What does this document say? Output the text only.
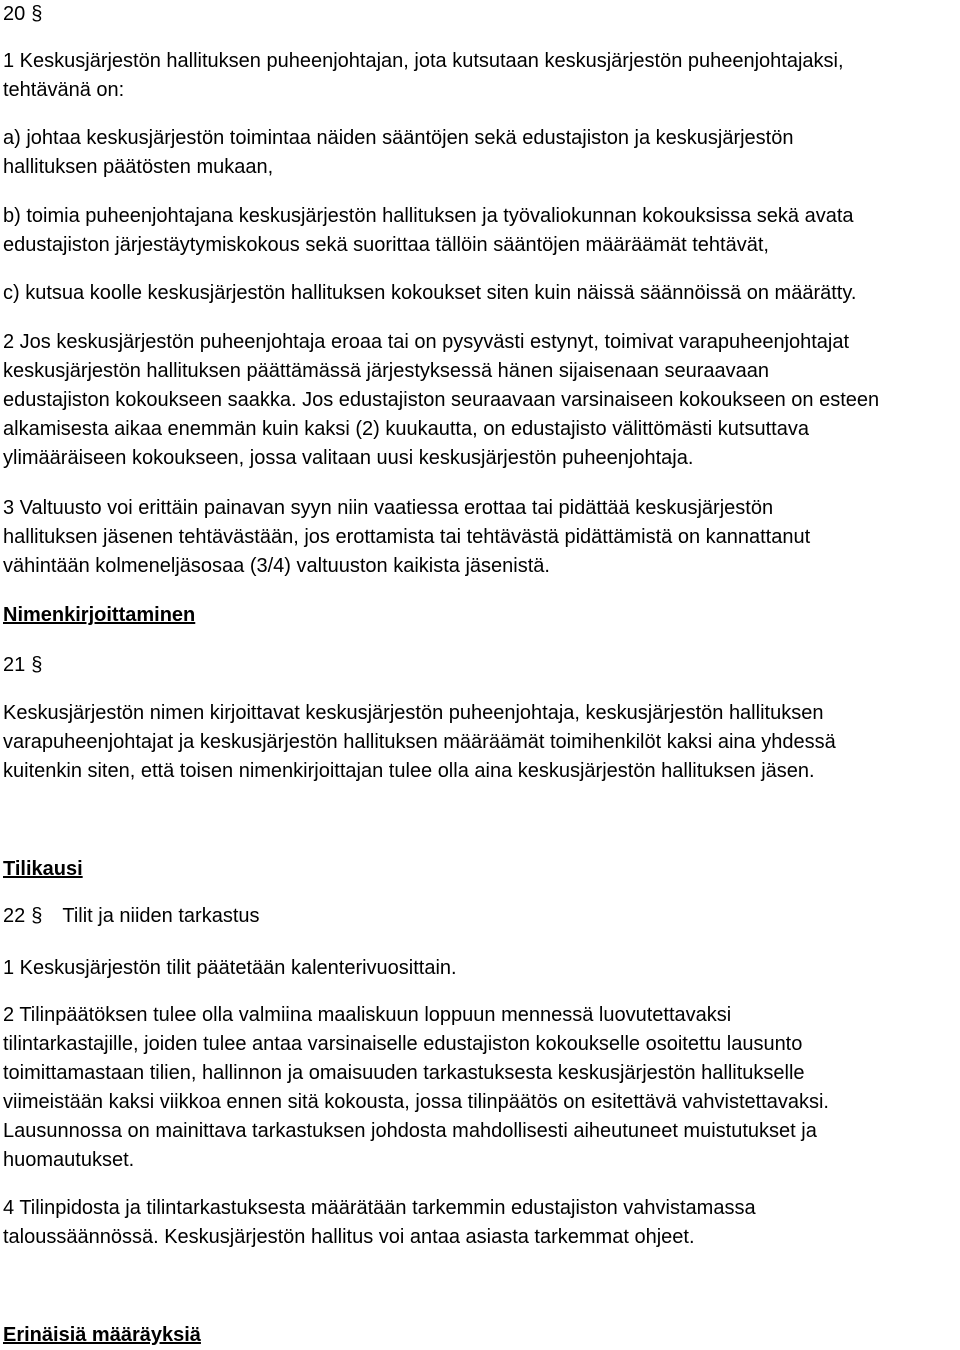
20 §
1 Keskusjärjestön hallituksen puheenjohtajan, jota kutsutaan keskusjärjestön puheenjohtajaksi,
tehtävänä on:
a) johtaa keskusjärjestön toimintaa näiden sääntöjen sekä edustajiston ja keskusjärjestön
hallituksen päätösten mukaan,
b) toimia puheenjohtajana keskusjärjestön hallituksen ja työvaliokunnan kokouksissa sekä avata
edustajiston järjestäytymiskokous sekä suorittaa tällöin sääntöjen määräämät tehtävät,
c) kutsua koolle keskusjärjestön hallituksen kokoukset siten kuin näissä säännöissä on määrätty.
2 Jos keskusjärjestön puheenjohtaja eroaa tai on pysyvästi estynyt, toimivat varapuheenjohtajat
keskusjärjestön hallituksen päättämässä järjestyksessä hänen sijaisenaan seuraavaan
edustajiston kokoukseen saakka. Jos edustajiston seuraavaan varsinaiseen kokoukseen on esteen
alkamisesta aikaa enemmän kuin kaksi (2) kuukautta, on edustajisto välittömästi kutsuttava
ylimääräiseen kokoukseen, jossa valitaan uusi keskusjärjestön puheenjohtaja.
3 Valtuusto voi erittäin painavan syyn niin vaatiessa erottaa tai pidättää keskusjärjestön
hallituksen jäsenen tehtävästään, jos erottamista tai tehtävästä pidättämistä on kannattanut
vähintään kolmeneljäsosaa (3/4) valtuuston kaikista jäsenistä.
Nimenkirjoittaminen
21 §
Keskusjärjestön nimen kirjoittavat keskusjärjestön puheenjohtaja, keskusjärjestön hallituksen
varapuheenjohtajat ja keskusjärjestön hallituksen määräämät toimihenkilöt kaksi aina yhdessä
kuitenkin siten, että toisen nimenkirjoittajan tulee olla aina keskusjärjestön hallituksen jäsen.
Tilikausi
22 § Tilit ja niiden tarkastus
1 Keskusjärjestön tilit päätetään kalenterivuosittain.
2 Tilinpäätöksen tulee olla valmiina maaliskuun loppuun mennessä luovutettavaksi
tilintarkastajille, joiden tulee antaa varsinaiselle edustajiston kokoukselle osoitettu lausunto
toimittamastaan tilien, hallinnon ja omaisuuden tarkastuksesta keskusjärjestön hallitukselle
viimeistään kaksi viikkoa ennen sitä kokousta, jossa tilinpäätös on esitettävä vahvistettavaksi.
Lausunnossa on mainittava tarkastuksen johdosta mahdollisesti aiheutuneet muistutukset ja
huomautukset.
4 Tilinpidosta ja tilintarkastuksesta määrätään tarkemmin edustajiston vahvistamassa
taloussäännössä. Keskusjärjestön hallitus voi antaa asiasta tarkemmat ohjeet.
Erinäisiä määräyksiä
